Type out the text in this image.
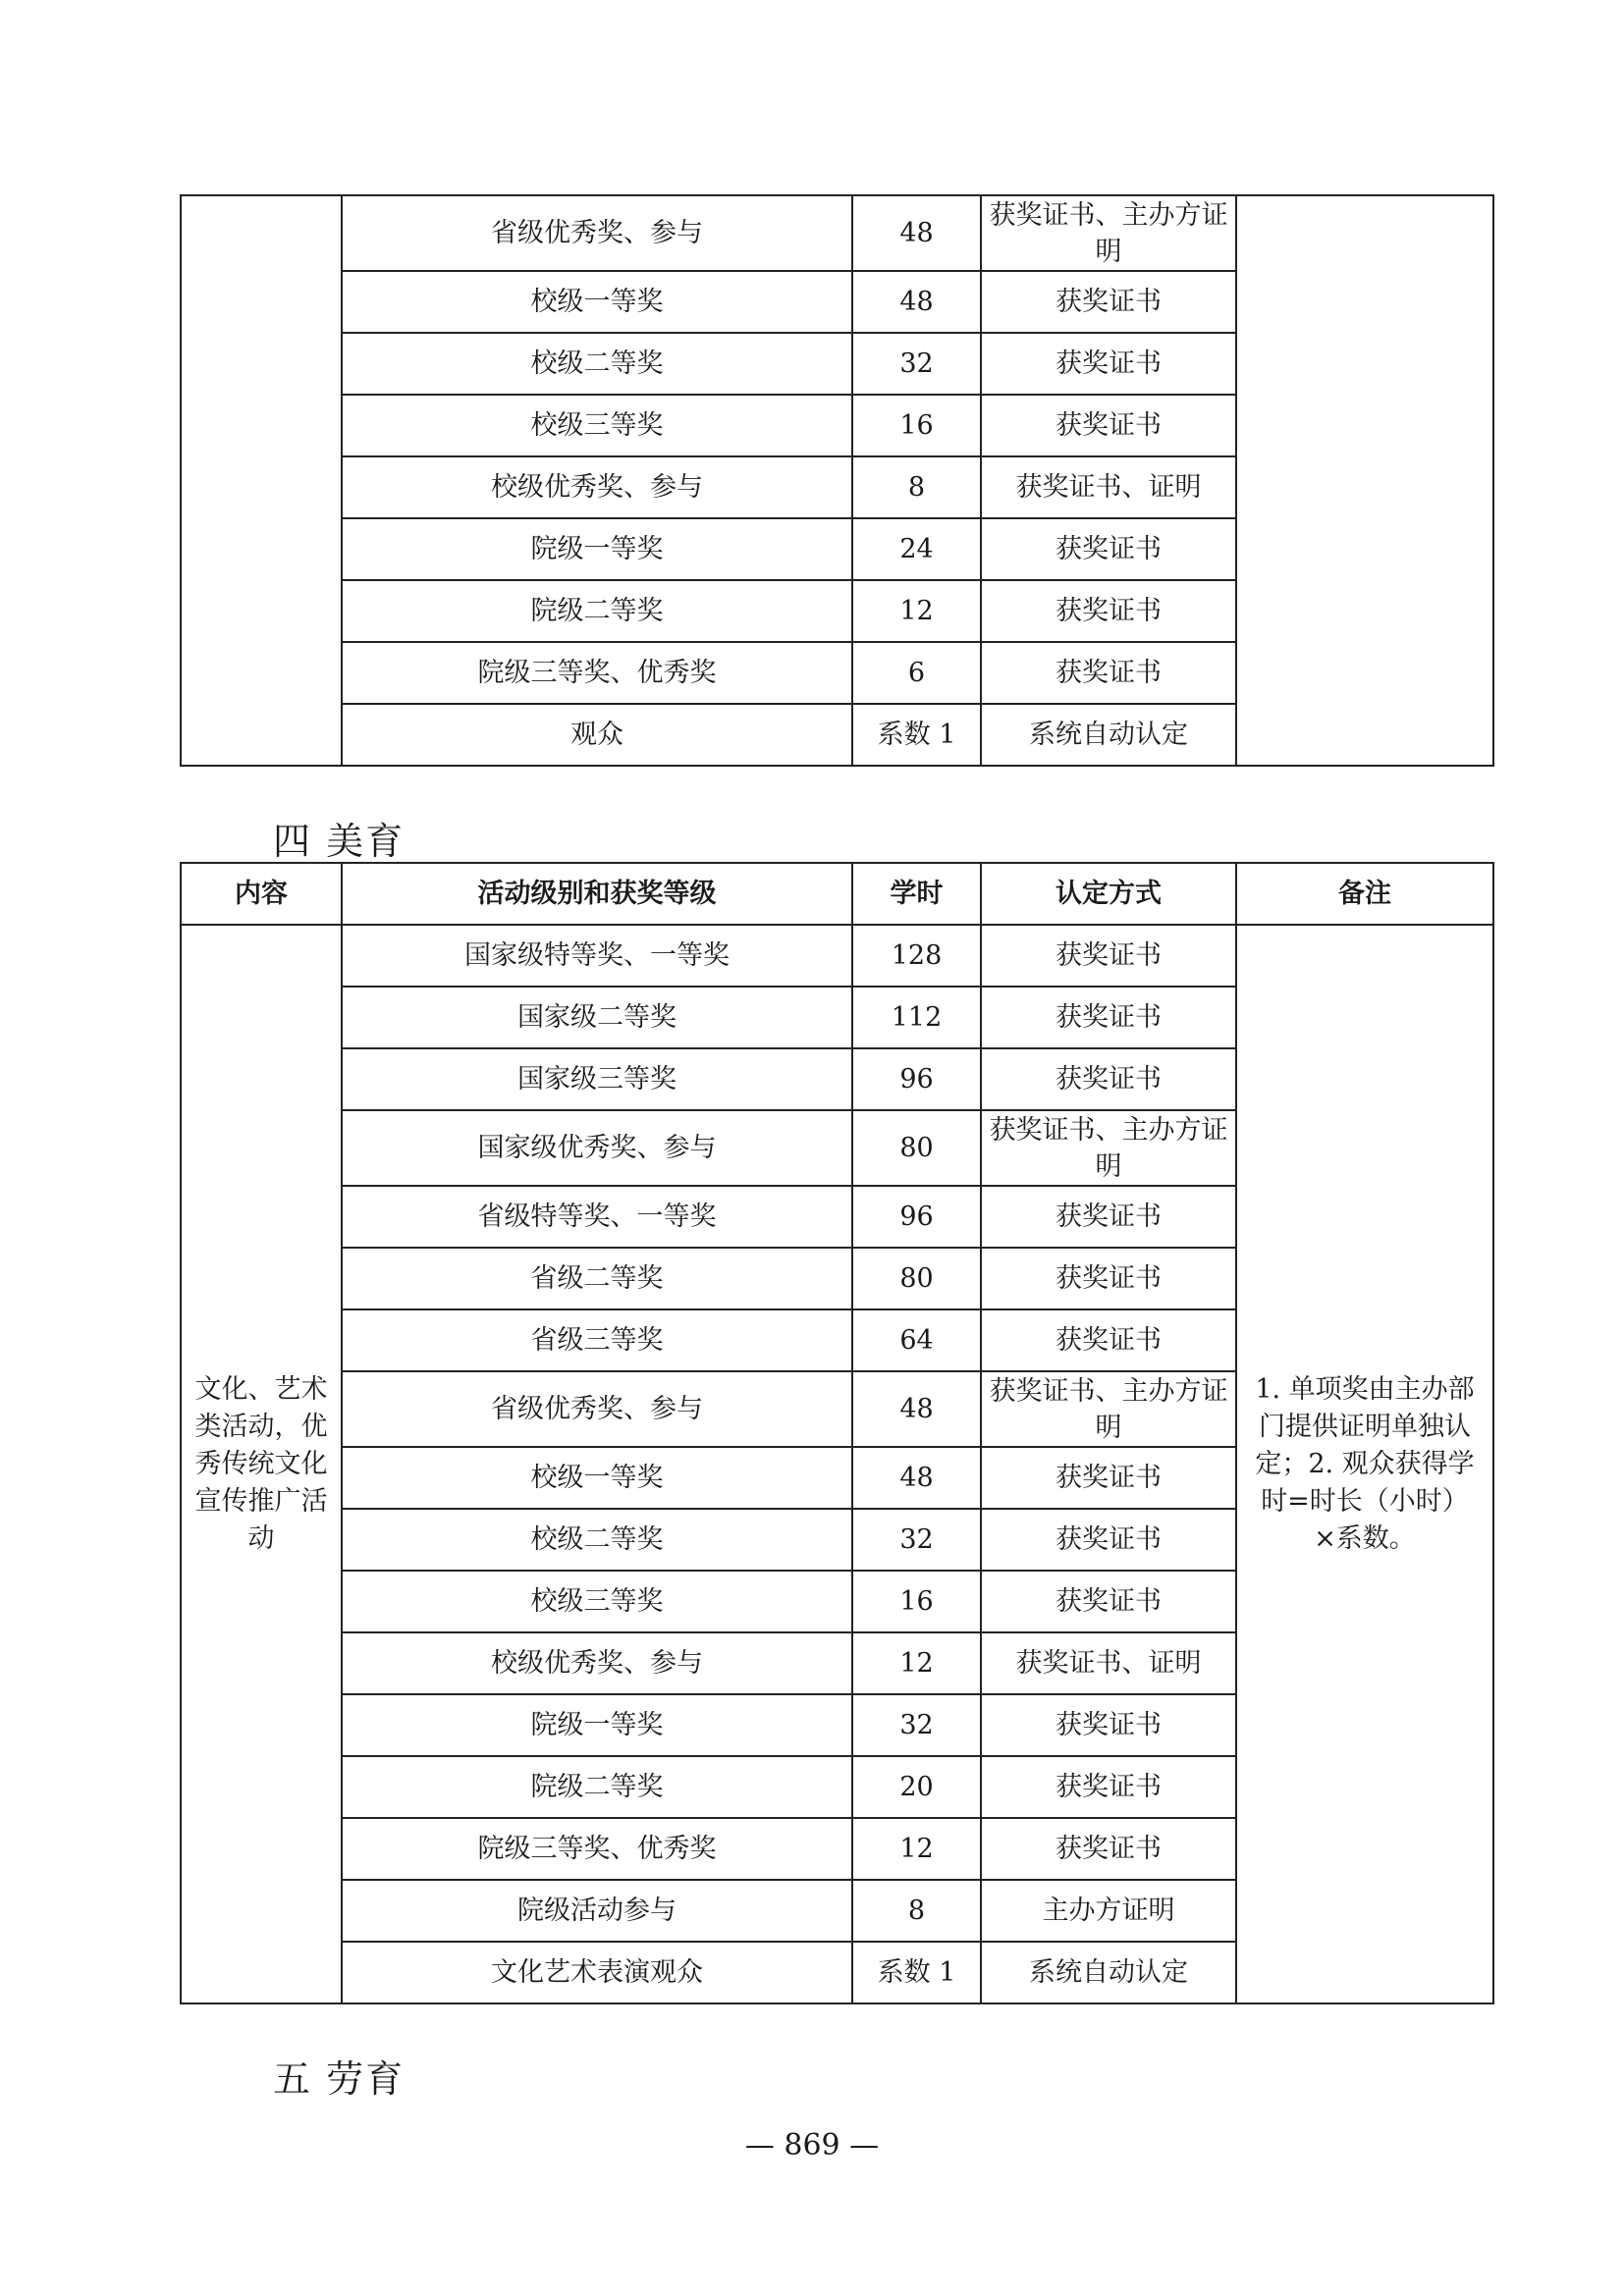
	省级优秀奖、参与	48	获奖证书、主办方证明	
	校级一等奖	48	获奖证书	
	校级二等奖	32	获奖证书	
	校级三等奖	16	获奖证书	
	校级优秀奖、参与	8	获奖证书、证明	
	院级一等奖	24	获奖证书	
	院级二等奖	12	获奖证书	
	院级三等奖、优秀奖	6	获奖证书	
	观众	系数 1	系统自动认定	
四 美育
内容	活动级别和获奖等级	学时	认定方式	备注
文化、艺术类活动，优秀传统文化宣传推广活动	国家级特等奖、一等奖	128	获奖证书	1. 单项奖由主办部门提供证明单独认定；2. 观众获得学时=时长（小时）×系数。
	国家级二等奖	112	获奖证书	
	国家级三等奖	96	获奖证书	
	国家级优秀奖、参与	80	获奖证书、主办方证明	
	省级特等奖、一等奖	96	获奖证书	
	省级二等奖	80	获奖证书	
	省级三等奖	64	获奖证书	
	省级优秀奖、参与	48	获奖证书、主办方证明	
	校级一等奖	48	获奖证书	
	校级二等奖	32	获奖证书	
	校级三等奖	16	获奖证书	
	校级优秀奖、参与	12	获奖证书、证明	
	院级一等奖	32	获奖证书	
	院级二等奖	20	获奖证书	
	院级三等奖、优秀奖	12	获奖证书	
	院级活动参与	8	主办方证明	
	文化艺术表演观众	系数 1	系统自动认定	
五 劳育
— 869 —
